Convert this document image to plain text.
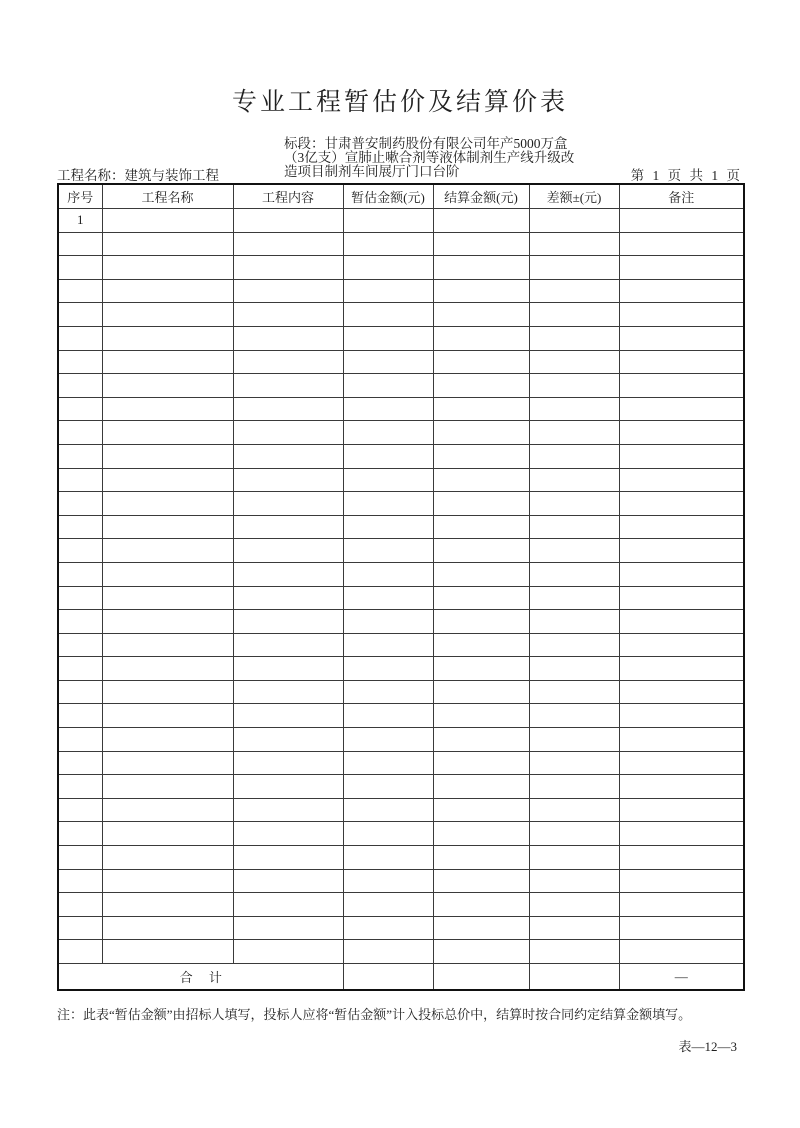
专业工程暂估价及结算价表
标段：甘肃普安制药股份有限公司年产5000万盒
（3亿支）宣肺止嗽合剂等液体制剂生产线升级改
造项目制剂车间展厅门口台阶
工程名称：建筑与装饰工程	第 1 页 共 1 页
序号	工程名称	工程内容	暂估金额(元)	结算金额(元)	差额±(元)	备注
1						

合     计						—
注：此表“暂估金额”由招标人填写，投标人应将“暂估金额”计入投标总价中，结算时按合同约定结算金额填写。
表—12—3
